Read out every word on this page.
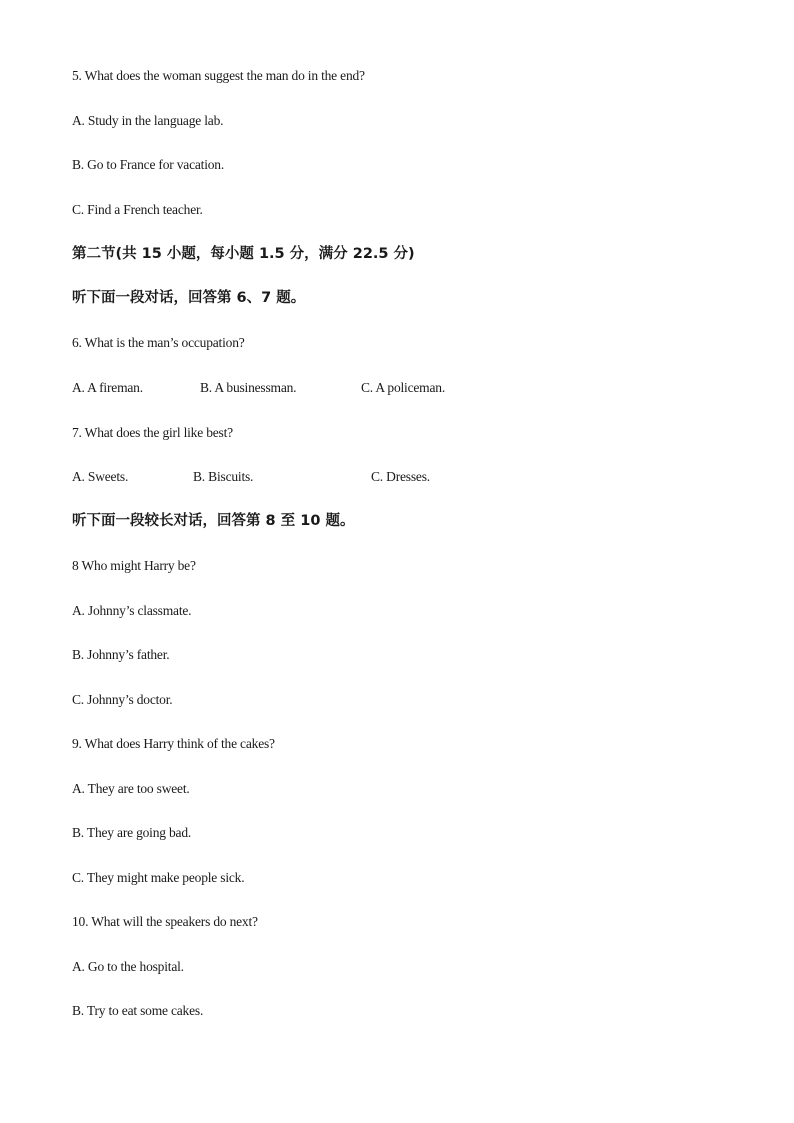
5. What does the woman suggest the man do in the end?
A. Study in the language lab.
B. Go to France for vacation.
C. Find a French teacher.
第二节(共 15 小题，每小题 1.5 分，满分 22.5 分)
听下面一段对话，回答第 6、7 题。
6. What is the man’s occupation?
A. A fireman.	B. A businessman.	C. A policeman.
7. What does the girl like best?
A. Sweets.	B. Biscuits.	C. Dresses.
听下面一段较长对话，回答第 8 至 10 题。
8 Who might Harry be?
A. Johnny’s classmate.
B. Johnny’s father.
C. Johnny’s doctor.
9. What does Harry think of the cakes?
A. They are too sweet.
B. They are going bad.
C. They might make people sick.
10. What will the speakers do next?
A. Go to the hospital.
B. Try to eat some cakes.
